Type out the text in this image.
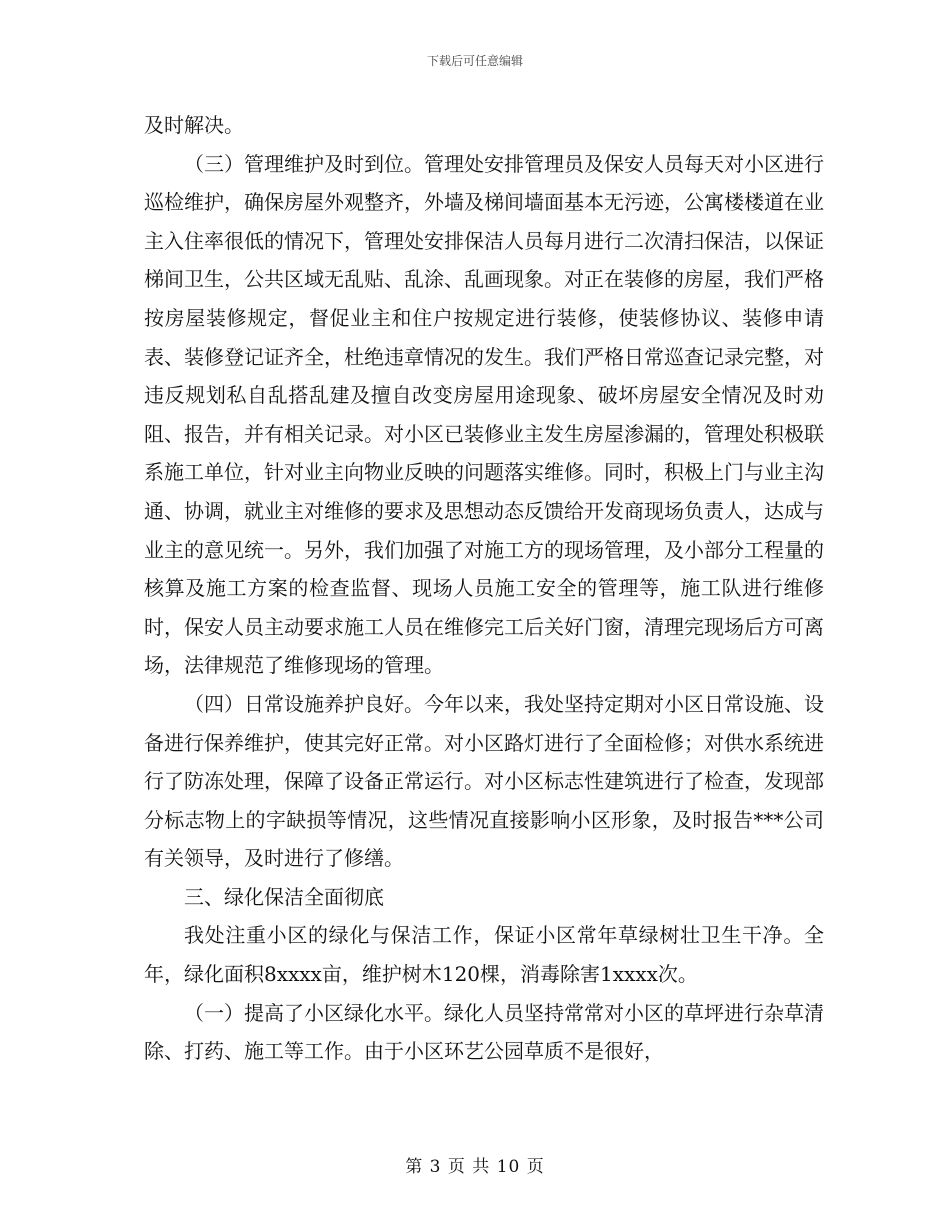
下载后可任意编辑

及时解决。

（三）管理维护及时到位。管理处安排管理员及保安人员每天对小区进行巡检维护，确保房屋外观整齐，外墙及梯间墙面基本无污迹，公寓楼楼道在业主入住率很低的情况下，管理处安排保洁人员每月进行二次清扫保洁，以保证梯间卫生，公共区域无乱贴、乱涂、乱画现象。对正在装修的房屋，我们严格按房屋装修规定，督促业主和住户按规定进行装修，使装修协议、装修申请表、装修登记证齐全，杜绝违章情况的发生。我们严格日常巡查记录完整，对违反规划私自乱搭乱建及擅自改变房屋用途现象、破坏房屋安全情况及时劝阻、报告，并有相关记录。对小区已装修业主发生房屋渗漏的，管理处积极联系施工单位，针对业主向物业反映的问题落实维修。同时，积极上门与业主沟通、协调，就业主对维修的要求及思想动态反馈给开发商现场负责人，达成与业主的意见统一。另外，我们加强了对施工方的现场管理，及小部分工程量的核算及施工方案的检查监督、现场人员施工安全的管理等，施工队进行维修时，保安人员主动要求施工人员在维修完工后关好门窗，清理完现场后方可离场，法律规范了维修现场的管理。

（四）日常设施养护良好。今年以来，我处坚持定期对小区日常设施、设备进行保养维护，使其完好正常。对小区路灯进行了全面检修；对供水系统进行了防冻处理，保障了设备正常运行。对小区标志性建筑进行了检查，发现部分标志物上的字缺损等情况，这些情况直接影响小区形象，及时报告***公司有关领导，及时进行了修缮。

三、绿化保洁全面彻底

我处注重小区的绿化与保洁工作，保证小区常年草绿树壮卫生干净。全年，绿化面积8xxxx亩，维护树木120棵，消毒除害1xxxx次。

（一）提高了小区绿化水平。绿化人员坚持常常对小区的草坪进行杂草清除、打药、施工等工作。由于小区环艺公园草质不是很好，

第 3 页 共 10 页
